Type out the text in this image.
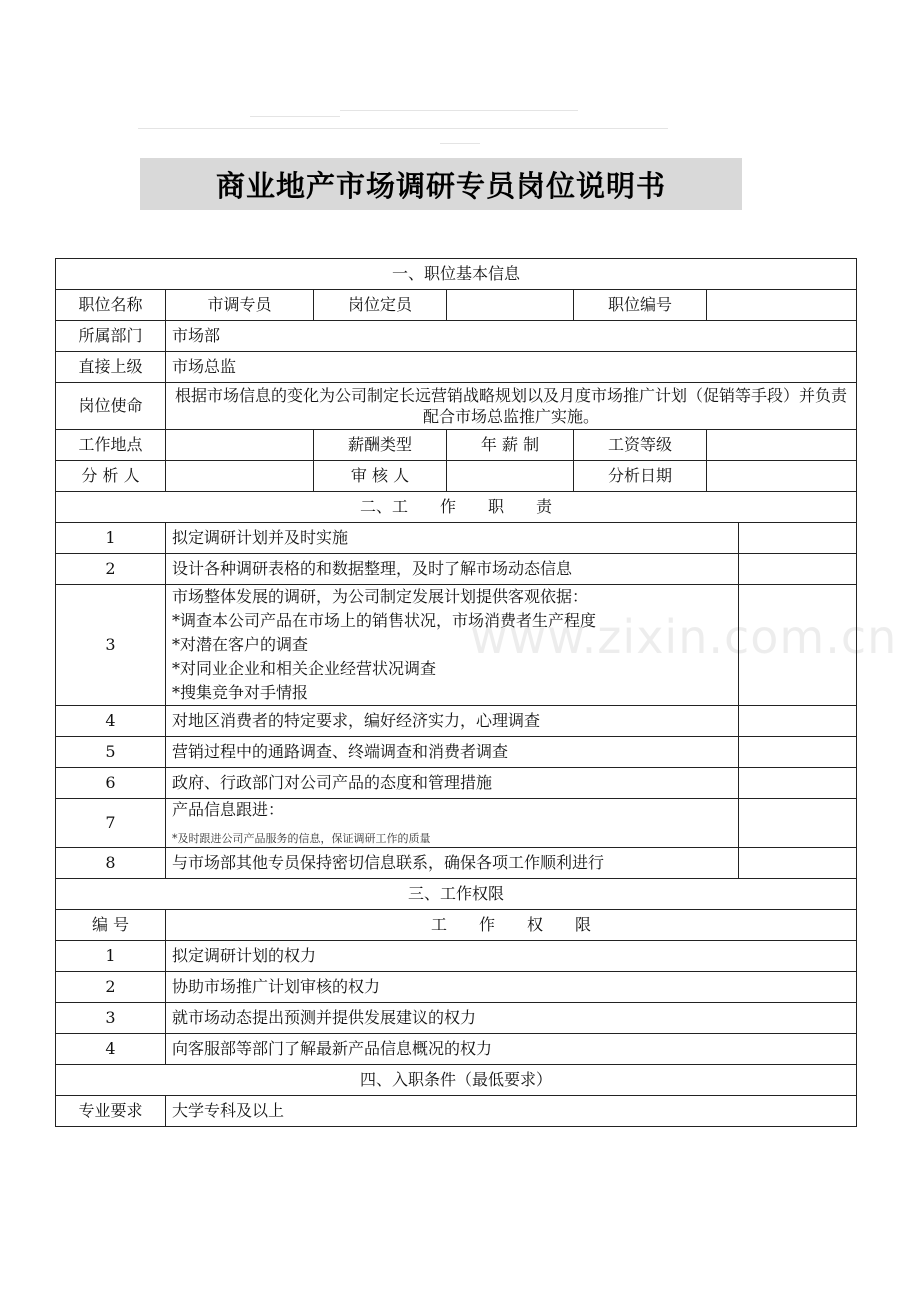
商业地产市场调研专员岗位说明书
www.zixin.com.cn
一、职位基本信息						
职位名称	市调专员	岗位定员		职位编号		
所属部门	市场部					
直接上级	市场总监					
岗位使命	根据市场信息的变化为公司制定长远营销战略规划以及月度市场推广计划（促销等手段）并负责配合市场总监推广实施。					
工作地点		薪酬类型	年 薪 制	工资等级		
分 析 人		审 核 人		分析日期		
二、工　　作　　职　　责						
1	拟定调研计划并及时实施					
2	设计各种调研表格的和数据整理，及时了解市场动态信息					
3	市场整体发展的调研，为公司制定发展计划提供客观依据：
*调查本公司产品在市场上的销售状况，市场消费者生产程度
*对潜在客户的调查
*对同业企业和相关企业经营状况调查
*搜集竞争对手情报					

4	对地区消费者的特定要求，编好经济实力，心理调查					
5	营销过程中的通路调查、终端调查和消费者调查					
6	政府、行政部门对公司产品的态度和管理措施					
7	产品信息跟进：
*及时跟进公司产品服务的信息，保证调研工作的质量					

8	与市场部其他专员保持密切信息联系，确保各项工作顺利进行					
三、工作权限						
编 号	工　　作　　权　　限					
1	拟定调研计划的权力					
2	协助市场推广计划审核的权力					
3	就市场动态提出预测并提供发展建议的权力					
4	向客服部等部门了解最新产品信息概况的权力					
四、入职条件（最低要求）						
专业要求	大学专科及以上					
